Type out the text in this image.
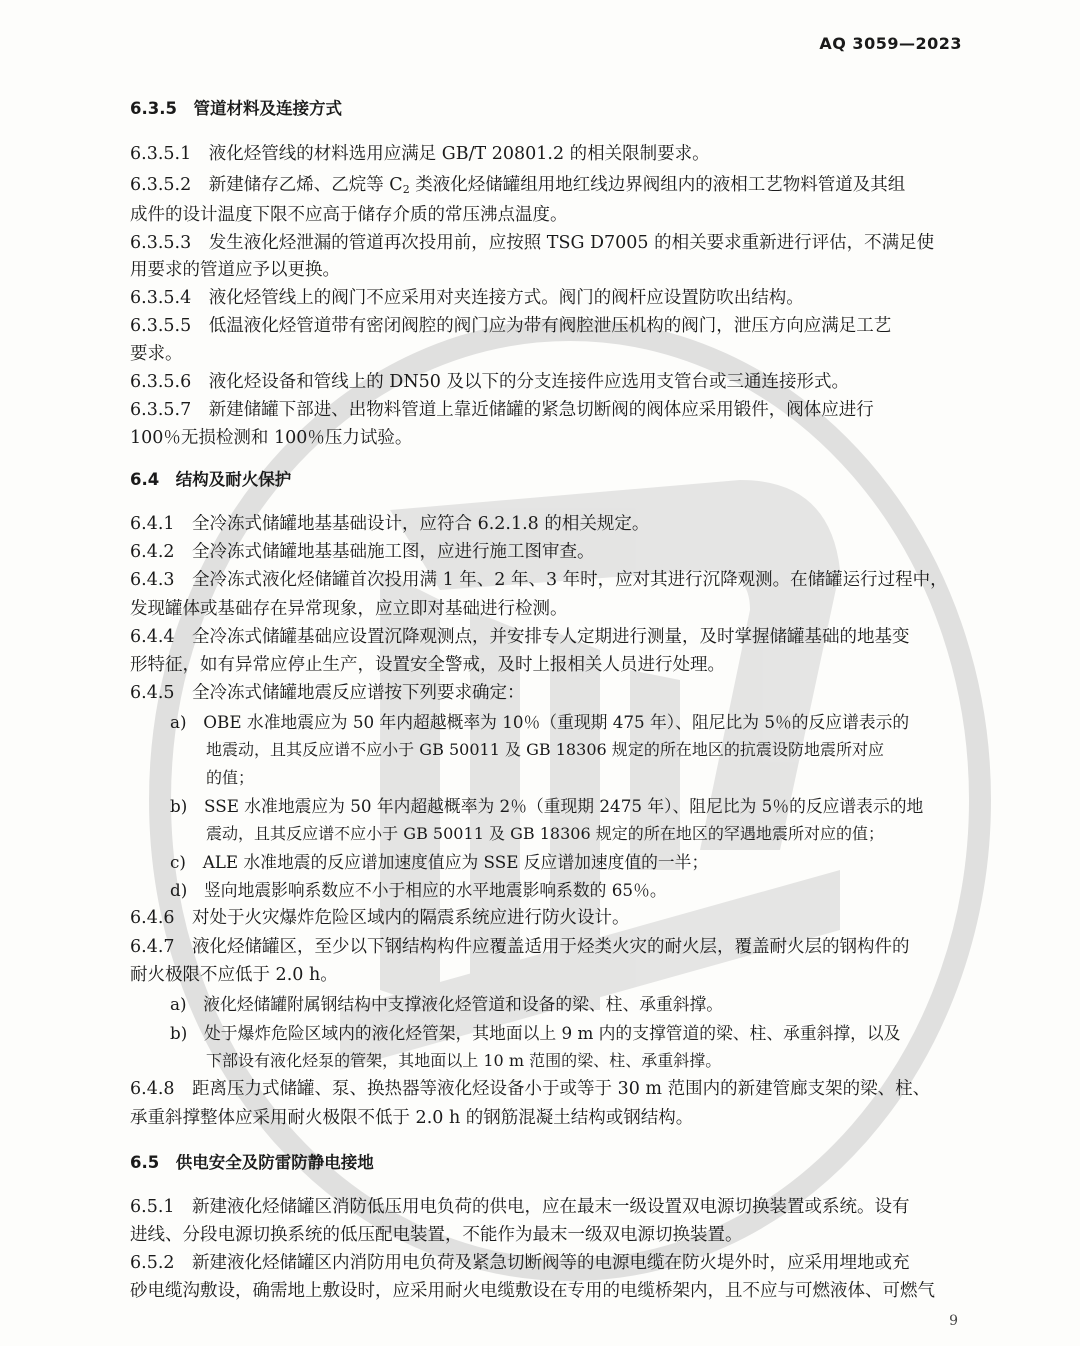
AQ 3059—2023
6.3.5　管道材料及连接方式
6.3.5.1　液化烃管线的材料选用应满足 GB/T 20801.2 的相关限制要求。
6.3.5.2　新建储存乙烯、乙烷等 $C_2$ 类液化烃储罐组用地红线边界阀组内的液相工艺物料管道及其组
成件的设计温度下限不应高于储存介质的常压沸点温度。
6.3.5.3　发生液化烃泄漏的管道再次投用前，应按照 TSG D7005 的相关要求重新进行评估，不满足使
用要求的管道应予以更换。
6.3.5.4　液化烃管线上的阀门不应采用对夹连接方式。阀门的阀杆应设置防吹出结构。
6.3.5.5　低温液化烃管道带有密闭阀腔的阀门应为带有阀腔泄压机构的阀门，泄压方向应满足工艺
要求。
6.3.5.6　液化烃设备和管线上的 DN50 及以下的分支连接件应选用支管台或三通连接形式。
6.3.5.7　新建储罐下部进、出物料管道上靠近储罐的紧急切断阀的阀体应采用锻件，阀体应进行
100％无损检测和 100％压力试验。
6.4　结构及耐火保护
6.4.1　全冷冻式储罐地基基础设计，应符合 6.2.1.8 的相关规定。
6.4.2　全冷冻式储罐地基基础施工图，应进行施工图审查。
6.4.3　全冷冻式液化烃储罐首次投用满 1 年、2 年、3 年时，应对其进行沉降观测。在储罐运行过程中，
发现罐体或基础存在异常现象，应立即对基础进行检测。
6.4.4　全冷冻式储罐基础应设置沉降观测点，并安排专人定期进行测量，及时掌握储罐基础的地基变
形特征，如有异常应停止生产，设置安全警戒，及时上报相关人员进行处理。
6.4.5　全冷冻式储罐地震反应谱按下列要求确定：
a)　OBE 水准地震应为 50 年内超越概率为 10％（重现期 475 年）、阻尼比为 5％的反应谱表示的
地震动，且其反应谱不应小于 GB 50011 及 GB 18306 规定的所在地区的抗震设防地震所对应
的值；
b)　SSE 水准地震应为 50 年内超越概率为 2％（重现期 2475 年）、阻尼比为 5％的反应谱表示的地
震动，且其反应谱不应小于 GB 50011 及 GB 18306 规定的所在地区的罕遇地震所对应的值；
c)　ALE 水准地震的反应谱加速度值应为 SSE 反应谱加速度值的一半；
d)　竖向地震影响系数应不小于相应的水平地震影响系数的 65％。
6.4.6　对处于火灾爆炸危险区域内的隔震系统应进行防火设计。
6.4.7　液化烃储罐区，至少以下钢结构构件应覆盖适用于烃类火灾的耐火层，覆盖耐火层的钢构件的
耐火极限不应低于 2.0 h。
a)　液化烃储罐附属钢结构中支撑液化烃管道和设备的梁、柱、承重斜撑。
b)　处于爆炸危险区域内的液化烃管架，其地面以上 9 m 内的支撑管道的梁、柱、承重斜撑，以及
下部设有液化烃泵的管架，其地面以上 10 m 范围的梁、柱、承重斜撑。
6.4.8　距离压力式储罐、泵、换热器等液化烃设备小于或等于 30 m 范围内的新建管廊支架的梁、柱、
承重斜撑整体应采用耐火极限不低于 2.0 h 的钢筋混凝土结构或钢结构。
6.5　供电安全及防雷防静电接地
6.5.1　新建液化烃储罐区消防低压用电负荷的供电，应在最末一级设置双电源切换装置或系统。设有
进线、分段电源切换系统的低压配电装置，不能作为最末一级双电源切换装置。
6.5.2　新建液化烃储罐区内消防用电负荷及紧急切断阀等的电源电缆在防火堤外时，应采用埋地或充
砂电缆沟敷设，确需地上敷设时，应采用耐火电缆敷设在专用的电缆桥架内，且不应与可燃液体、可燃气
9
